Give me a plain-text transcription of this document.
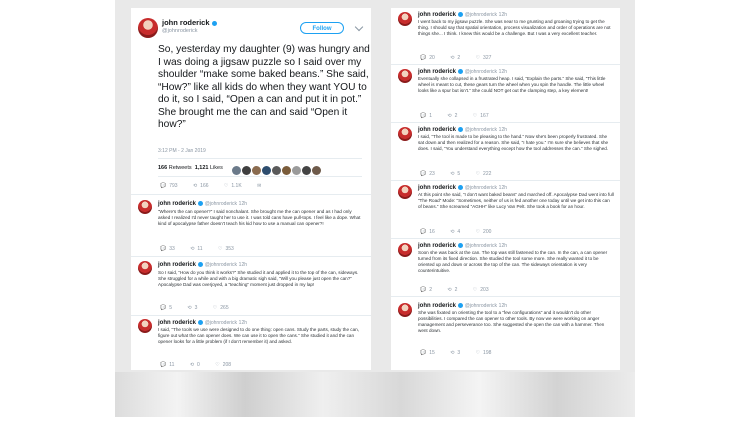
john roderick
@johnroderick	Follow
So, yesterday my daughter (9) was hungry and I was doing a jigsaw puzzle so I said over my shoulder “make some baked beans.” She said, “How?” like all kids do when they want YOU to do it, so I said, “Open a can and put it in pot.” She brought me the can and said “Open it how?”
3:12 PM - 2 Jan 2019
166 Retweets 1,121 Likes
💬 793	⟲ 166	♡ 1.1K	✉
john roderick @johnroderick 12h
“Where's the can opener?” I said nonchalant. She brought me the can opener and as I had only asked I realized I'd never taught her to use it. I was told cans have pull-tops. I feel like a dope. What kind of apocalypse father doesn't teach his kid how to use a manual can opener?!
💬 33	⟲ 11	♡ 353
john roderick @johnroderick 12h
So I said, “How do you think it works?” She studied it and applied it to the top of the can, sideways. She struggled for a while and with a big dramatic sigh said, “Will you please just open the can?” Apocalypse Dad was overjoyed, a “teaching” moment just dropped in my lap!
💬 5	⟲ 3	♡ 265
john roderick @johnroderick 12h
I said, “The tools we use were designed to do one thing: open cans. Study the parts, study the can, figure out what the can opener does. We can use it to open the cans.” She studied it and the can opener looks for a little problem (if I don't remember it) and asked.
💬 11	⟲ 0	♡ 208
john roderick @johnroderick 12h
I went back to my jigsaw puzzle. She was near to me grunting and groaning trying to get the thing. I should say that spatial orientation, process visualization and order of operations are not things she... I think. I knew this would be a challenge. But I was a very excellent teacher.
💬 20	⟲ 2	♡ 327
john roderick @johnroderick 12h
Eventually she collapsed in a frustrated heap. I said, “Explain the parts.” She said, “This little wheel is meant to cut, these gears turn the wheel when you spin the handle. The little wheel looks like a spur but isn't.” She could NOT get out the clamping step, a key element!
💬 1	⟲ 2	♡ 167
john roderick @johnroderick 12h
I said, “The tool is made to be pleasing to the hand.” Now she's been properly frustrated. She sat down and then realized for a reason. She said, “I hate you.” I'm sure she believes that she does. I said, “You understand everything except how the tool addresses the can.” She sighed.
💬 23	⟲ 5	♡ 222
john roderick @johnroderick 12h
At this point she said, “I don't want baked beans” and marched off. Apocalypse Dad went into full “The Road” Mode: “Sometimes, neither of us is fed another one today until we get into this can of beans.” She screamed “AGHH” like Lucy Van Pelt. She took a book for an hour.
💬 16	⟲ 4	♡ 200
john roderick @johnroderick 12h
Soon she was back at the can. The top was still fastened to the can. In the can, a can opener turned from its fixed direction. She studied the tool some more. She really wanted it to be oriented up and down or across the top of the can. The sideways orientation is very counterintuitive.
💬 2	⟲ 2	♡ 203
john roderick @johnroderick 12h
She was fixated on orienting the tool to a “few configurations” and it wouldn't do other possibilities. I compared the can opener to other tools. By now we were working on anger management and perseverance too. She suggested she open the can with a hammer. Then went down.
💬 15	⟲ 3	♡ 198
